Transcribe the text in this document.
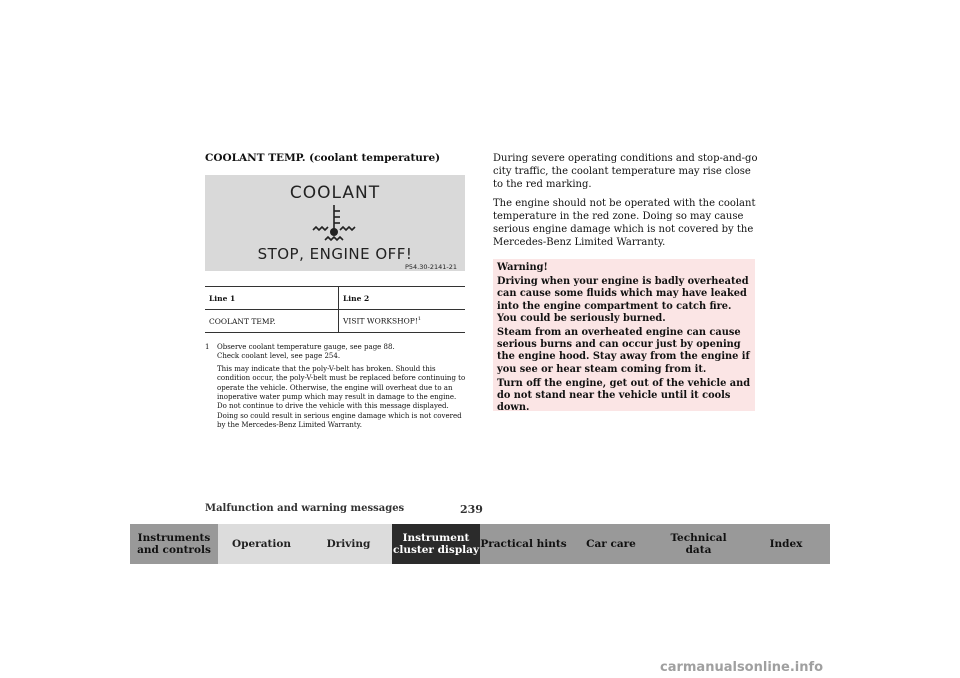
COOLANT TEMP. (coolant temperature)
COOLANT
STOP, ENGINE OFF!
P54.30-2141-21
Line 1	Line 2
COOLANT TEMP.	VISIT WORKSHOP!$^1$
1 Observe coolant temperature gauge, see page 88.

Check coolant level, see page 254.

This may indicate that the poly-V-belt has broken. Should this condition occur, the poly-V-belt must be replaced before continuing to operate the vehicle. Otherwise, the engine will overheat due to an inoperative water pump which may result in damage to the engine. Do not continue to drive the vehicle with this message displayed. Doing so could result in serious engine damage which is not covered by the Mercedes-Benz Limited Warranty.

During severe operating conditions and stop-and-go city traffic, the coolant temperature may rise close to the red marking.

The engine should not be operated with the coolant temperature in the red zone. Doing so may cause serious engine damage which is not covered by the Mercedes-Benz Limited Warranty.

Warning!

Driving when your engine is badly overheated can cause some fluids which may have leaked into the engine compartment to catch fire. You could be seriously burned.

Steam from an overheated engine can cause serious burns and can occur just by opening the engine hood. Stay away from the engine if you see or hear steam coming from it.

Turn off the engine, get out of the vehicle and do not stand near the vehicle until it cools down.

Malfunction and warning messages	239
Instruments
and controls Operation	Driving	Instrument
cluster display Practical hints Car care	Technical
data	Index
carmanualsonline.info
